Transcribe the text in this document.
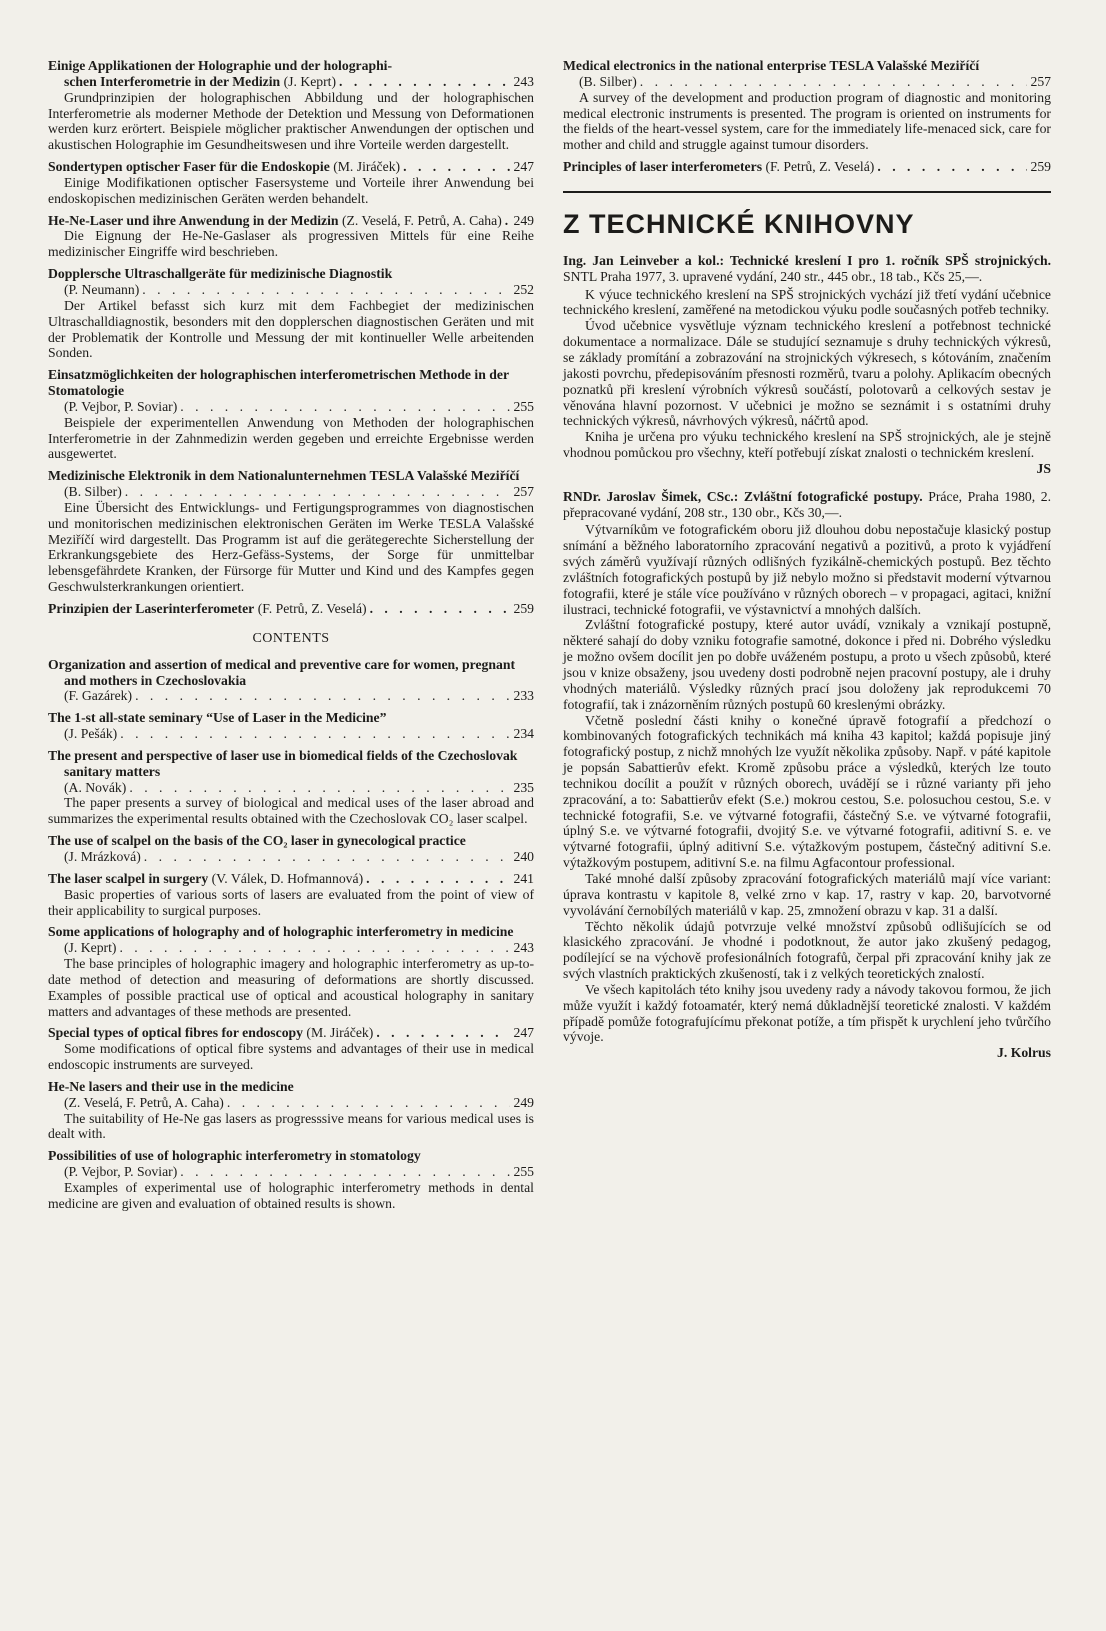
Einige Applikationen der Holographie und der holographi-

schen Interferometrie in der Medizin
(J. Keprt) . . .	243

Grundprinzipien der holographischen Abbildung und der holographischen Interferometrie als moderner Methode der Detektion und Messung von Deformationen werden kurz erörtert. Beispiele möglicher praktischer Anwendungen der optischen und akustischen Holographie im Gesundheitswesen und ihre Vorteile werden dargestellt.

Sondertypen optischer Faser für die Endoskopie
(M. Jiráček) . . .	247

Einige Modifikationen optischer Fasersysteme und Vorteile ihrer Anwendung bei endoskopischen medizinischen Geräten werden behandelt.

He-Ne-Laser und ihre Anwendung in der Medizin
(Z. Veselá, F. Petrů, A. Caha) . . . 249

Die Eignung der He-Ne-Gaslaser als progressiven Mittels für eine Reihe medizinischer Eingriffe wird beschrieben.

Dopplersche Ultraschallgeräte für medizinische Diagnostik

(P. Neumann) . . .	252

Der Artikel befasst sich kurz mit dem Fachbegiet der medizinischen Ultraschalldiagnostik, besonders mit den dopplerschen diagnostischen Geräten und mit der Problematik der Kontrolle und Messung der mit kontinueller Welle arbeitenden Sonden.

Einsatzmöglichkeiten der holographischen interferometrischen Methode in der Stomatologie

(P. Vejbor, P. Soviar) . . .	255

Beispiele der experimentellen Anwendung von Methoden der holographischen Interferometrie in der Zahnmedizin werden gegeben und erreichte Ergebnisse werden ausgewertet.

Medizinische Elektronik in dem Nationalunternehmen TESLA Valašské Meziříčí

(B. Silber) . . .	257

Eine Übersicht des Entwicklungs- und Fertigungsprogrammes von diagnostischen und monitorischen medizinischen elektronischen Geräten im Werke TESLA Valašské Meziříčí wird dargestellt. Das Programm ist auf die gerätegerechte Sicherstellung der Erkrankungsgebiete des Herz-Gefäss-Systems, der Sorge für unmittelbar lebensgefährdete Kranken, der Fürsorge für Mutter und Kind und des Kampfes gegen Geschwulsterkrankungen orientiert.

Prinzipien der Laserinterferometer
(F. Petrů, Z. Veselá) . . .	259
CONTENTS

Organization and assertion of medical and preventive care for women, pregnant and mothers in Czechoslovakia

(F. Gazárek) . . .	233

The 1-st all-state seminary “Use of Laser in the Medicine”

(J. Pešák) . . .	234

The present and perspective of laser use in biomedical fields of the Czechoslovak sanitary matters

(A. Novák) . . .	235

The paper presents a survey of biological and medical uses of the laser abroad and summarizes the experimental results obtained with the Czechoslovak CO₂ laser scalpel.

The use of scalpel on the basis of the CO₂ laser in gynecological practice

(J. Mrázková) . . .	240
The laser scalpel in surgery
(V. Válek, D. Hofmannová) . . .	241

Basic properties of various sorts of lasers are evaluated from the point of view of their applicability to surgical purposes.

Some applications of holography and of holographic interferometry in medicine

(J. Keprt) . . .	243

The base principles of holographic imagery and holographic interferometry as up-to-date method of detection and measuring of deformations are shortly discussed. Examples of possible practical use of optical and acoustical holography in sanitary matters and advantages of these methods are presented.

Special types of optical fibres for endoscopy
(M. Jiráček) . . .	247

Some modifications of optical fibre systems and advantages of their use in medical endoscopic instruments are surveyed.

He-Ne lasers and their use in the medicine

(Z. Veselá, F. Petrů, A. Caha) . . .	249

The suitability of He-Ne gas lasers as progresssive means for various medical uses is dealt with.

Possibilities of use of holographic interferometry in stomatology

(P. Vejbor, P. Soviar) . . .	255

Examples of experimental use of holographic interferometry methods in dental medicine are given and evaluation of obtained results is shown.

Medical electronics in the national enterprise TESLA Valašské Meziříčí

(B. Silber) . . .	257

A survey of the development and production program of diagnostic and monitoring medical electronic instruments is presented. The program is oriented on instruments for the fields of the heart-vessel system, care for the immediately life-menaced sick, care for mother and child and struggle against tumour disorders.

Principles of laser interferometers
(F. Petrů, Z. Veselá) . . .	259
Z TECHNICKÉ KNIHOVNY

Ing. Jan Leinveber a kol.: Technické kreslení I pro 1. ročník SPŠ strojnických. SNTL Praha 1977, 3. upravené vydání, 240 str., 445 obr., 18 tab., Kčs 25,—.

K výuce technického kreslení na SPŠ strojnických vychází již třetí vydání učebnice technického kreslení, zaměřené na metodickou výuku podle současných potřeb techniky.

Úvod učebnice vysvětluje význam technického kreslení a potřebnost technické dokumentace a normalizace. Dále se studující seznamuje s druhy technických výkresů, se základy promítání a zobrazování na strojnických výkresech, s kótováním, značením jakosti povrchu, předepisováním přesnosti rozměrů, tvaru a polohy. Aplikacím obecných poznatků při kreslení výrobních výkresů součástí, polotovarů a celkových sestav je věnována hlavní pozornost. V učebnici je možno se seznámit i s ostatními druhy technických výkresů, návrhových výkresů, náčrtů apod.

Kniha je určena pro výuku technického kreslení na SPŠ strojnických, ale je stejně vhodnou pomůckou pro všechny, kteří potřebují získat znalosti o technickém kreslení.

JS

RNDr. Jaroslav Šimek, CSc.: Zvláštní fotografické postupy. Práce, Praha 1980, 2. přepracované vydání, 208 str., 130 obr., Kčs 30,—.

Výtvarníkům ve fotografickém oboru již dlouhou dobu nepostačuje klasický postup snímání a běžného laboratorního zpracování negativů a pozitivů, a proto k vyjádření svých záměrů využívají různých odlišných fyzikálně-chemických postupů. Bez těchto zvláštních fotografických postupů by již nebylo možno si představit moderní výtvarnou fotografii, které je stále více používáno v různých oborech – v propagaci, agitaci, knižní ilustraci, technické fotografii, ve výstavnictví a mnohých dalších.

Zvláštní fotografické postupy, které autor uvádí, vznikaly a vznikají postupně, některé sahají do doby vzniku fotografie samotné, dokonce i před ni. Dobrého výsledku je možno ovšem docílit jen po dobře uváženém postupu, a proto u všech způsobů, které jsou v knize obsaženy, jsou uvedeny dosti podrobně nejen pracovní postupy, ale i druhy vhodných materiálů. Výsledky různých prací jsou doloženy jak reprodukcemi 70 fotografií, tak i znázorněním různých postupů 60 kreslenými obrázky.

Včetně poslední části knihy o konečné úpravě fotografií a předchozí o kombinovaných fotografických technikách má kniha 43 kapitol; každá popisuje jiný fotografický postup, z nichž mnohých lze využít několika způsoby. Např. v páté kapitole je popsán Sabattierův efekt. Kromě způsobu práce a výsledků, kterých lze touto technikou docílit a použít v různých oborech, uvádějí se i různé varianty při jeho zpracování, a to: Sabattierův efekt (S.e.) mokrou cestou, S.e. polosuchou cestou, S.e. v technické fotografii, S.e. ve výtvarné fotografii, částečný S.e. ve výtvarné fotografii, úplný S.e. ve výtvarné fotografii, dvojitý S.e. ve výtvarné fotografii, aditivní S. e. ve výtvarné fotografii, úplný aditivní S.e. výtažkovým postupem, částečný aditivní S.e. výtažkovým postupem, aditivní S.e. na filmu Agfacontour professional.

Také mnohé další způsoby zpracování fotografických materiálů mají více variant: úprava kontrastu v kapitole 8, velké zrno v kap. 17, rastry v kap. 20, barvotvorné vyvolávání černobílých materiálů v kap. 25, zmnožení obrazu v kap. 31 a další.

Těchto několik údajů potvrzuje velké množství způsobů odlišujících se od klasického zpracování. Je vhodné i podotknout, že autor jako zkušený pedagog, podílející se na výchově profesionálních fotografů, čerpal při zpracování knihy jak ze svých vlastních praktických zkušeností, tak i z velkých teoretických znalostí.

Ve všech kapitolách této knihy jsou uvedeny rady a návody takovou formou, že jich může využít i každý fotoamatér, který nemá důkladnější teoretické znalosti. V každém případě pomůže fotografujícímu překonat potíže, a tím přispět k urychlení jeho tvůrčího vývoje.

J. Kolrus
